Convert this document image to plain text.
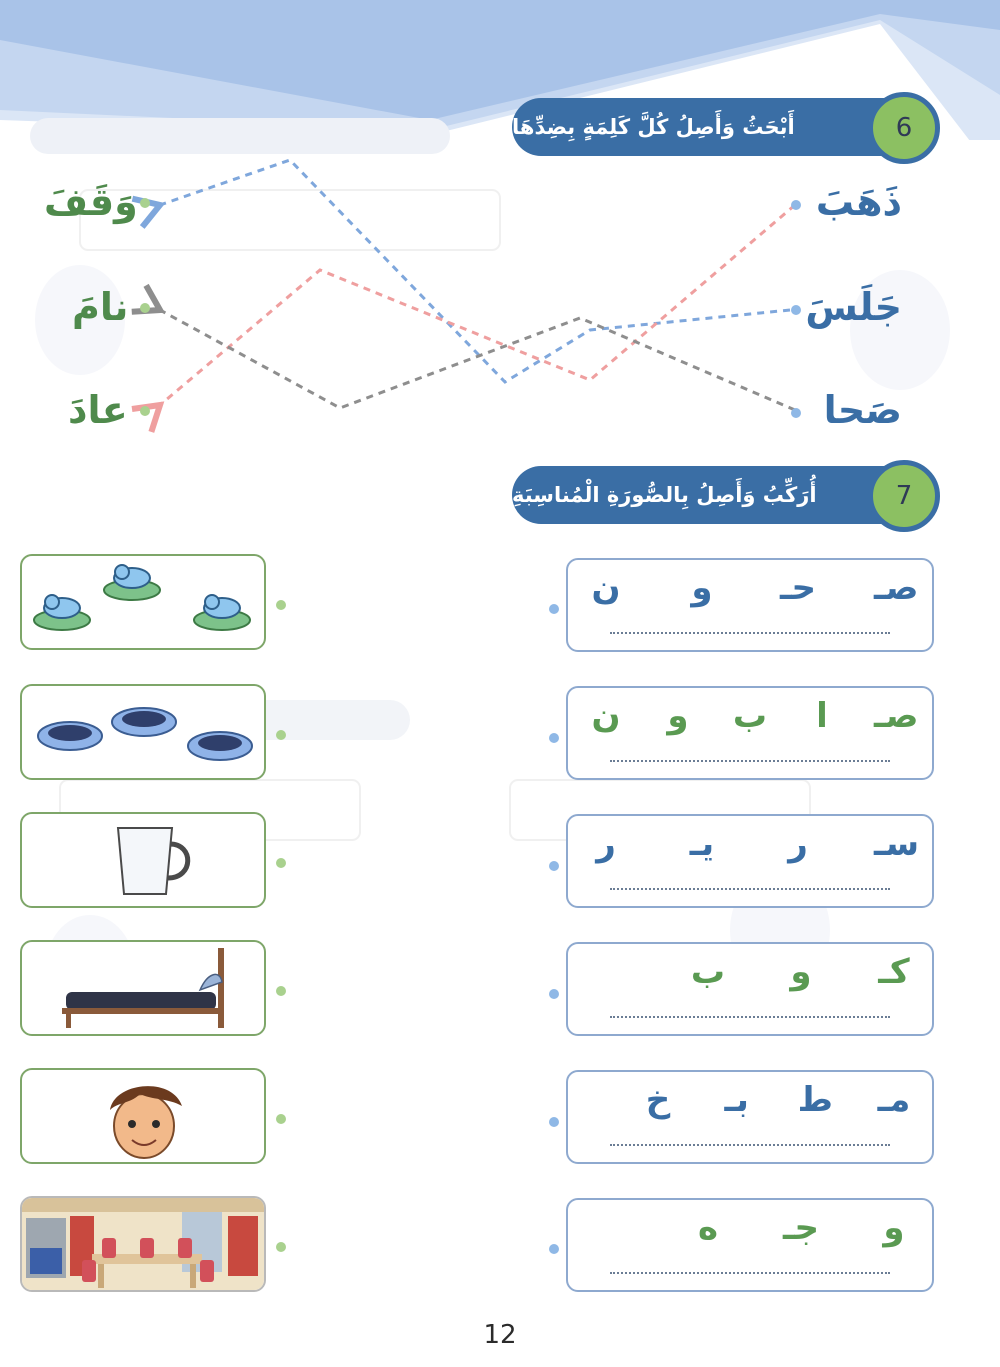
أَبْحَثُ وَأَصِلُ كُلَّ كَلِمَةٍ بِضِدِّهَا	6
ذَهَبَ
جَلَسَ
صَحا
وَقَفَ
نامَ
عادَ
أُرَكِّبُ وَأَصِلُ بِالصُّورَةِ الْمُناسِبَةِ	7
صـ
حـ
و
ن
صـ
ا
ب
و
ن
سـ
ر
يـ
ر
كـ
و
ب
مـ
ط
بـ
خ
و
جـ
ه
12
